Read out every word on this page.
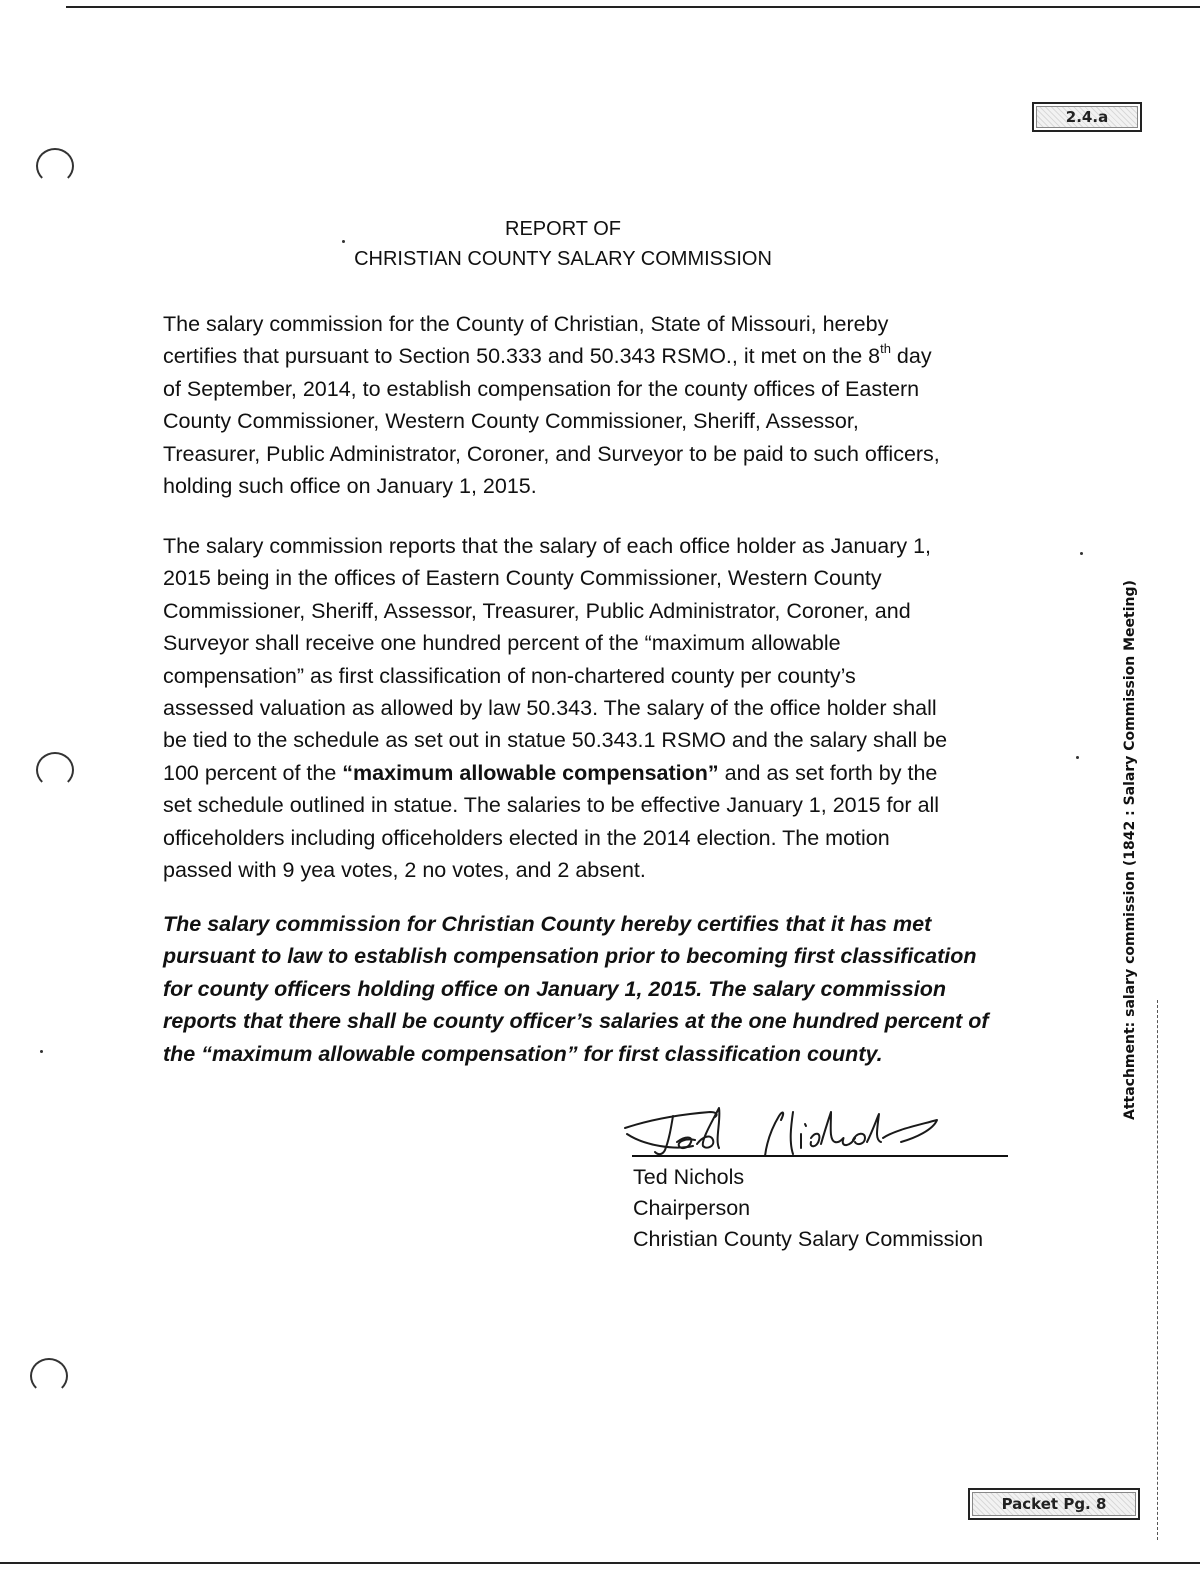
2.4.a
Attachment: salary commission (1842 : Salary Commission Meeting)
REPORT OF
CHRISTIAN COUNTY SALARY COMMISSION
The salary commission for the County of Christian, State of Missouri, hereby
certifies that pursuant to Section 50.333 and 50.343 RSMO., it met on the 8th day
of September, 2014, to establish compensation for the county offices of Eastern
County Commissioner, Western County Commissioner, Sheriff, Assessor,
Treasurer, Public Administrator, Coroner, and Surveyor to be paid to such officers,
holding such office on January 1, 2015.
The salary commission reports that the salary of each office holder as January 1,
2015 being in the offices of Eastern County Commissioner, Western County
Commissioner, Sheriff, Assessor, Treasurer, Public Administrator, Coroner, and
Surveyor shall receive one hundred percent of the “maximum allowable
compensation” as first classification of non-chartered county per county’s
assessed valuation as allowed by law 50.343. The salary of the office holder shall
be tied to the schedule as set out in statue 50.343.1 RSMO and the salary shall be
100 percent of the “maximum allowable compensation” and as set forth by the
set schedule outlined in statue. The salaries to be effective January 1, 2015 for all
officeholders including officeholders elected in the 2014 election. The motion
passed with 9 yea votes, 2 no votes, and 2 absent.
The salary commission for Christian County hereby certifies that it has met
pursuant to law to establish compensation prior to becoming first classification
for county officers holding office on January 1, 2015. The salary commission
reports that there shall be county officer’s salaries at the one hundred percent of
the “maximum allowable compensation” for first classification county.
Ted Nichols
Chairperson
Christian County Salary Commission
Packet Pg. 8
